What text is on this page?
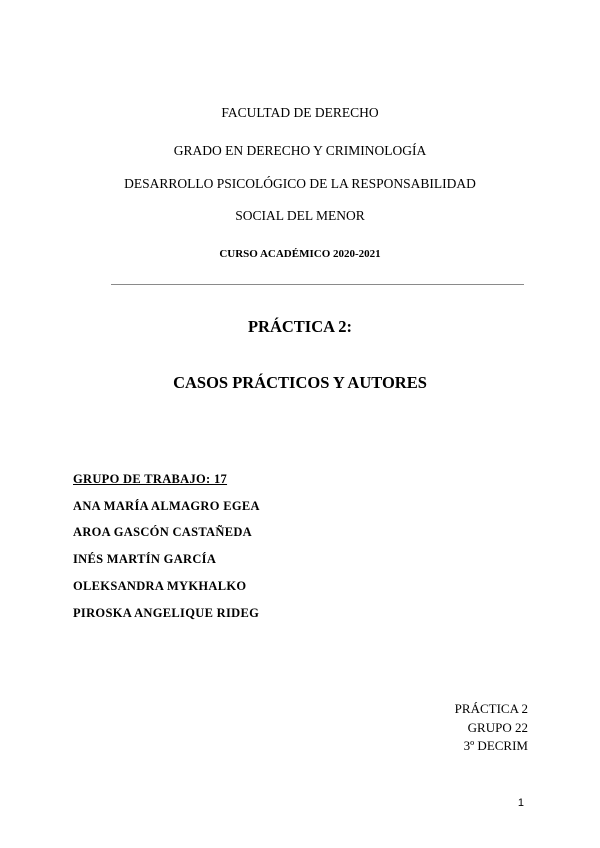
FACULTAD DE DERECHO
GRADO EN DERECHO Y CRIMINOLOGÍA
DESARROLLO PSICOLÓGICO DE LA RESPONSABILIDAD
SOCIAL DEL MENOR
CURSO ACADÉMICO 2020-2021
PRÁCTICA 2:
CASOS PRÁCTICOS Y AUTORES
GRUPO DE TRABAJO: 17
ANA MARÍA ALMAGRO EGEA
AROA GASCÓN CASTAÑEDA
INÉS MARTÍN GARCÍA
OLEKSANDRA MYKHALKO
PIROSKA ANGELIQUE RIDEG
PRÁCTICA 2
GRUPO 22
3º DECRIM
1
